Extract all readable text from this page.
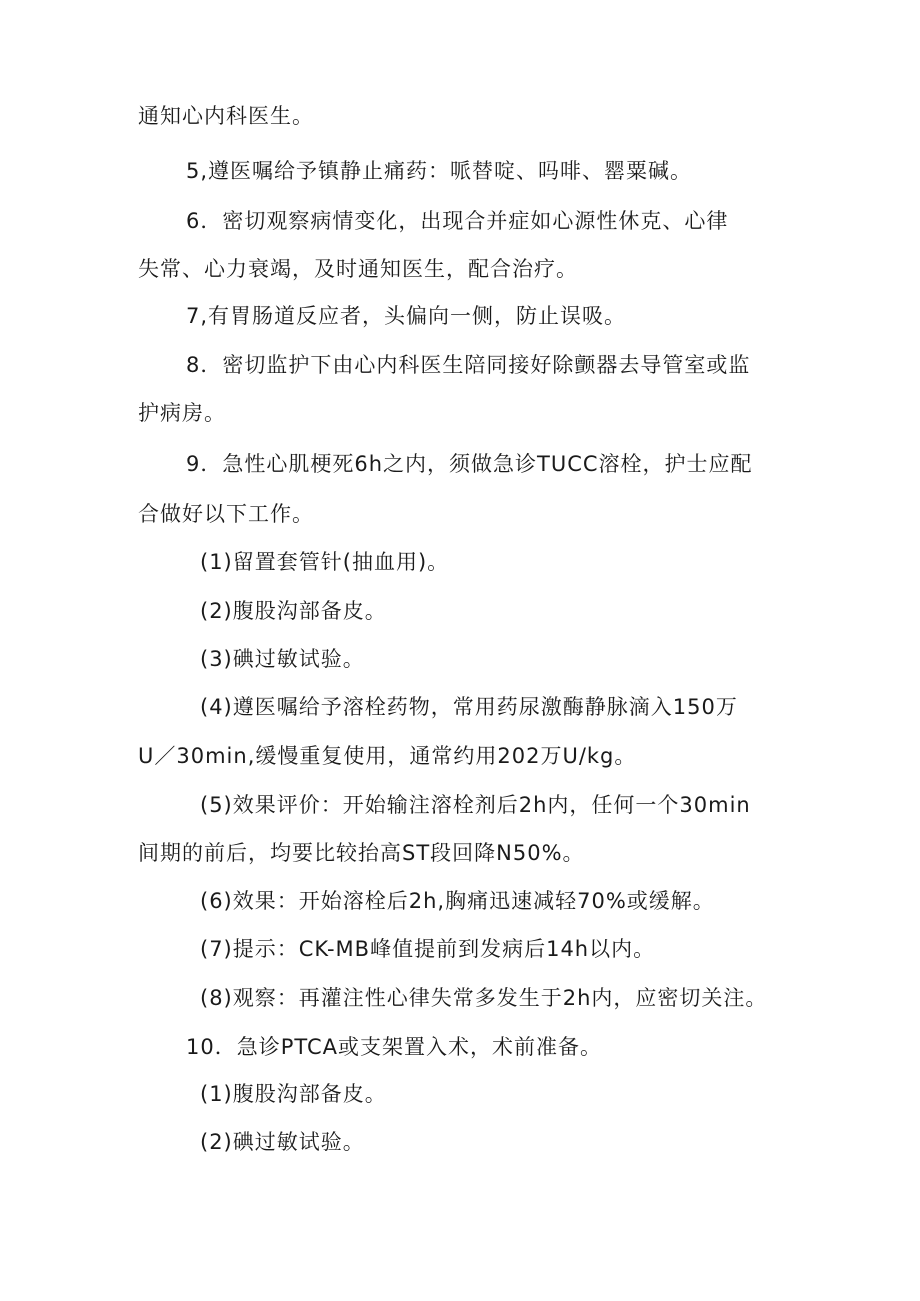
通知心内科医生。
5,遵医嘱给予镇静止痛药：哌替啶、吗啡、罂粟碱。
6．密切观察病情变化，出现合并症如心源性休克、心律
失常、心力衰竭，及时通知医生，配合治疗。
7,有胃肠道反应者，头偏向一侧，防止误吸。
8．密切监护下由心内科医生陪同接好除颤器去导管室或监
护病房。
9．急性心肌梗死6h之内，须做急诊TUCC溶栓，护士应配
合做好以下工作。
(1)留置套管针(抽血用)。
(2)腹股沟部备皮。
(3)碘过敏试验。
(4)遵医嘱给予溶栓药物，常用药尿激酶静脉滴入150万
U／30min,缓慢重复使用，通常约用202万U/kg。
(5)效果评价：开始输注溶栓剂后2h内，任何一个30min
间期的前后，均要比较抬高ST段回降N50%。
(6)效果：开始溶栓后2h,胸痛迅速减轻70%或缓解。
(7)提示：CK-MB峰值提前到发病后14h以内。
(8)观察：再灌注性心律失常多发生于2h内，应密切关注。
10．急诊PTCA或支架置入术，术前准备。
(1)腹股沟部备皮。
(2)碘过敏试验。
